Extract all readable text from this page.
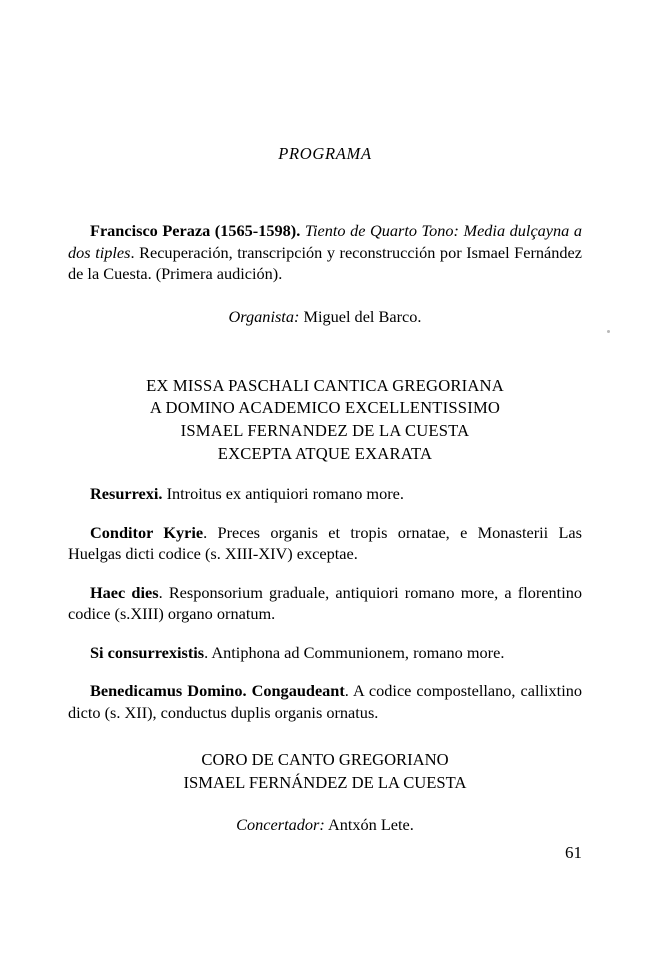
PROGRAMA
Francisco Peraza (1565-1598). Tiento de Quarto Tono: Media dulçayna a dos tiples. Recuperación, transcripción y reconstrucción por Ismael Fernández de la Cuesta. (Primera audición).
Organista: Miguel del Barco.
EX MISSA PASCHALI CANTICA GREGORIANA
A DOMINO ACADEMICO EXCELLENTISSIMO
ISMAEL FERNANDEZ DE LA CUESTA
EXCEPTA ATQUE EXARATA
Resurrexi. Introitus ex antiquiori romano more.
Conditor Kyrie. Preces organis et tropis ornatae, e Monasterii Las Huelgas dicti codice (s. XIII-XIV) exceptae.
Haec dies. Responsorium graduale, antiquiori romano more, a florentino codice (s.XIII) organo ornatum.
Si consurrexistis. Antiphona ad Communionem, romano more.
Benedicamus Domino. Congaudeant. A codice compostellano, callixtino dicto (s. XII), conductus duplis organis ornatus.
CORO DE CANTO GREGORIANO
ISMAEL FERNÁNDEZ DE LA CUESTA
Concertador: Antxón Lete.
61
